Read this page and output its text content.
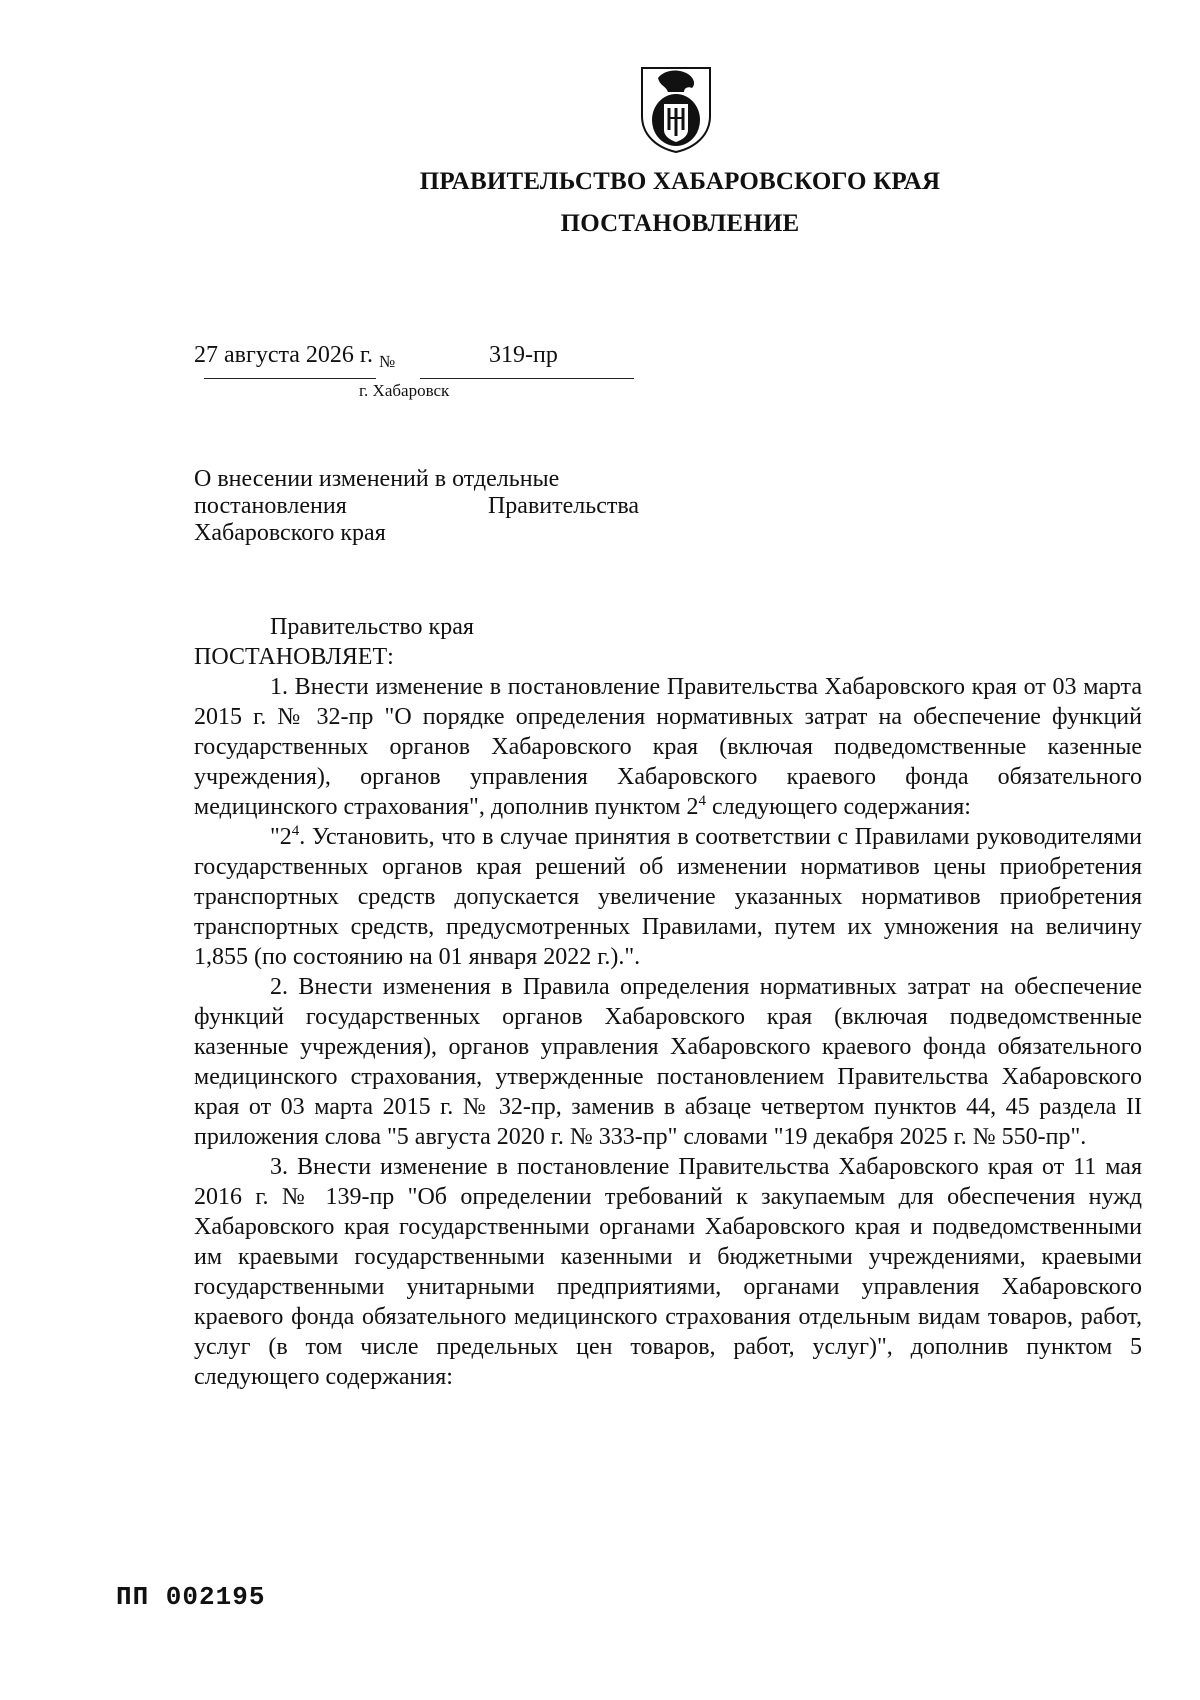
ПРАВИТЕЛЬСТВО ХАБАРОВСКОГО КРАЯ
ПОСТАНОВЛЕНИЕ
27 августа 2026 г. №	319-пр
г. Хабаровск
О внесении изменений в отдельные
постановления	Правительства
Хабаровского края

Правительство края

ПОСТАНОВЛЯЕТ:

1. Внести изменение в постановление Правительства Хабаровского края от 03 марта 2015 г. № 32-пр "О порядке определения нормативных затрат на обеспечение функций государственных органов Хабаровского края (включая подведомственные казенные учреждения), органов управления Хабаровского краевого фонда обязательного медицинского страхования", дополнив пунктом $2^4$ следующего содержания:

"$2^4$. Установить, что в случае принятия в соответствии с Правилами руководителями государственных органов края решений об изменении нормативов цены приобретения транспортных средств допускается увеличение указанных нормативов приобретения транспортных средств, предусмотренных Правилами, путем их умножения на величину 1,855 (по состоянию на 01 января 2022 г.).".

2. Внести изменения в Правила определения нормативных затрат на обеспечение функций государственных органов Хабаровского края (включая подведомственные казенные учреждения), органов управления Хабаровского краевого фонда обязательного медицинского страхования, утвержденные постановлением Правительства Хабаровского края от 03 марта 2015 г. № 32-пр, заменив в абзаце четвертом пунктов 44, 45 раздела II приложения слова "5 августа 2020 г. № 333-пр" словами "19 декабря 2025 г. № 550-пр".

3. Внести изменение в постановление Правительства Хабаровского края от 11 мая 2016 г. № 139-пр "Об определении требований к закупаемым для обеспечения нужд Хабаровского края государственными органами Хабаровского края и подведомственными им краевыми государственными казенными и бюджетными учреждениями, краевыми государственными унитарными предприятиями, органами управления Хабаровского краевого фонда обязательного медицинского страхования отдельным видам товаров, работ, услуг (в том числе предельных цен товаров, работ, услуг)", дополнив пунктом 5 следующего содержания:

ПП 002195
